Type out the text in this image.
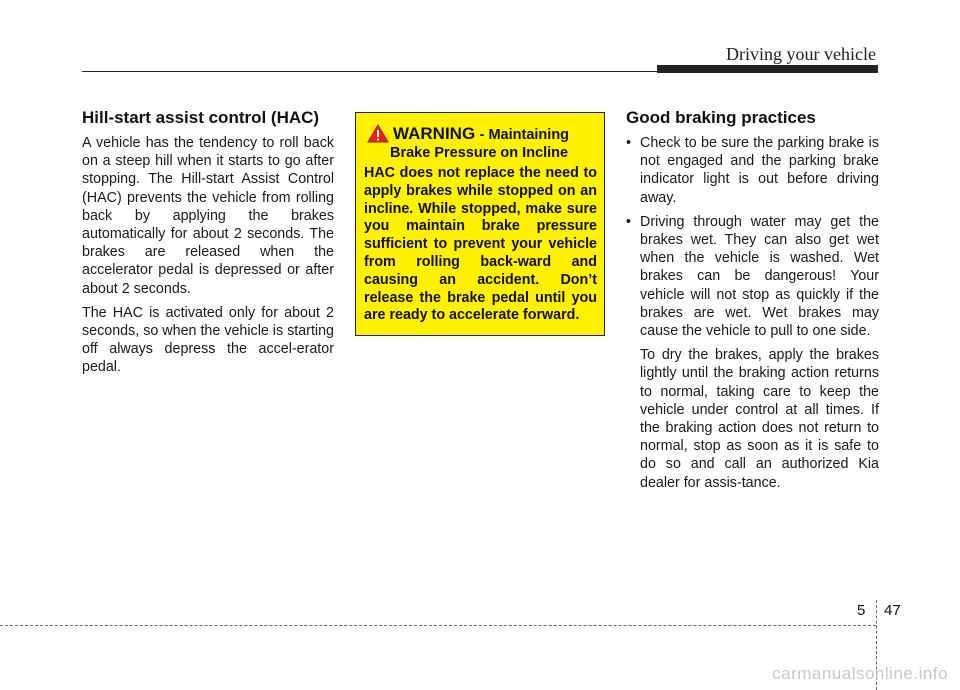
Driving your vehicle
Hill-start assist control (HAC)

A vehicle has the tendency to roll back on a steep hill when it starts to go after stopping. The Hill-start Assist Control (HAC) prevents the vehicle from rolling back by applying the brakes automatically for about 2 seconds. The brakes are released when the accelerator pedal is depressed or after about 2 seconds.

The HAC is activated only for about 2 seconds, so when the vehicle is starting off always depress the accel-erator pedal.

WARNING - Maintaining
Brake Pressure on Incline
HAC does not replace the need to apply brakes while stopped on an incline. While stopped, make sure you maintain brake pressure sufficient to prevent your vehicle from rolling back-ward and causing an accident. Don’t release the brake pedal until you are ready to accelerate forward.
Good braking practices
• Check to be sure the parking brake is not engaged and the parking brake indicator light is out before driving away.
• Driving through water may get the brakes wet. They can also get wet when the vehicle is washed. Wet brakes can be dangerous! Your vehicle will not stop as quickly if the brakes are wet. Wet brakes may cause the vehicle to pull to one side.

To dry the brakes, apply the brakes lightly until the braking action returns to normal, taking care to keep the vehicle under control at all times. If the braking action does not return to normal, stop as soon as it is safe to do so and call an authorized Kia dealer for assis-tance.

5 47
carmanualsonline.info
